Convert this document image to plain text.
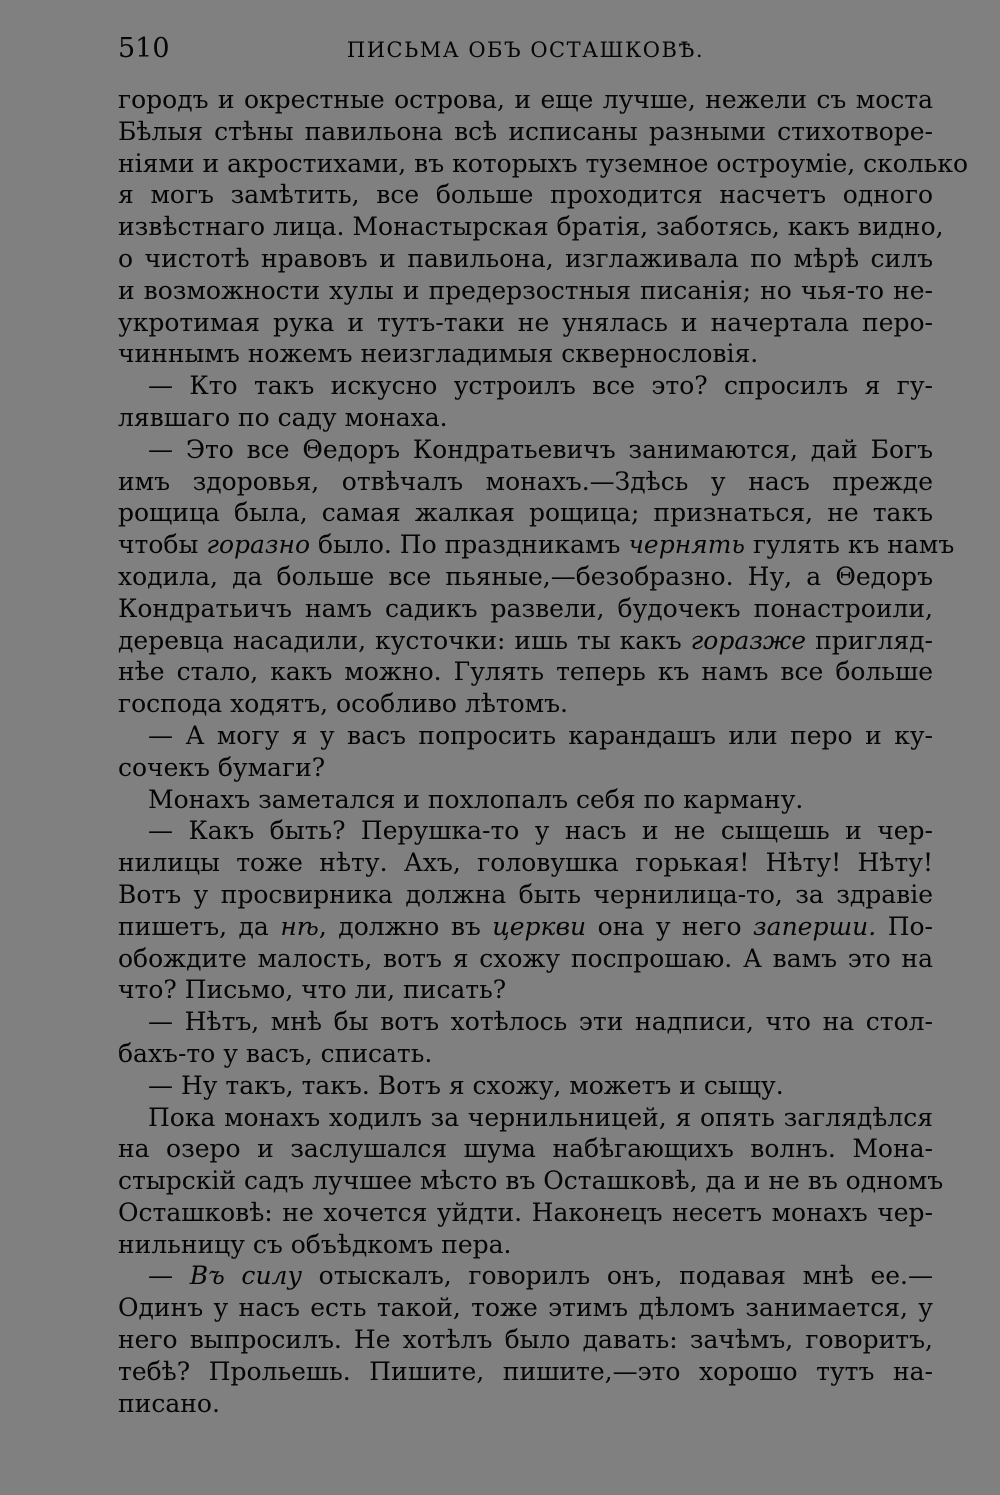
510	ПИСЬМА ОБЪ ОСТАШКОВѢ.
городъ и окрестные острова, и еще лучше, нежели съ моста
Бѣлыя стѣны павильона всѣ исписаны разными стихотворе-
ніями и акростихами, въ которыхъ туземное остроуміе, сколько
я могъ замѣтить, все больше проходится насчетъ одного
извѣстнаго лица. Монастырская братія, заботясь, какъ видно,
о чистотѣ нравовъ и павильона, изглаживала по мѣрѣ силъ
и возможности хулы и предерзостныя писанія; но чья-то не-
укротимая рука и тутъ-таки не унялась и начертала перо-
чиннымъ ножемъ неизгладимыя сквернословія.
— Кто такъ искусно устроилъ все это? спросилъ я гу-
лявшаго по саду монаха.
— Это все Θедоръ Кондратьевичъ занимаются, дай Богъ
имъ здоровья, отвѣчалъ монахъ.—Здѣсь у насъ прежде
рощица была, самая жалкая рощица; признаться, не такъ
чтобы горазно было. По праздникамъ чернять гулять къ намъ
ходила, да больше все пьяные,—безобразно. Ну, а Θедоръ
Кондратьичъ намъ садикъ развели, будочекъ понастроили,
деревца насадили, кусточки: ишь ты какъ горазже пригляд-
нѣе стало, какъ можно. Гулять теперь къ намъ все больше
господа ходятъ, особливо лѣтомъ.
— А могу я у васъ попросить карандашъ или перо и ку-
сочекъ бумаги?
Монахъ заметался и похлопалъ себя по карману.
— Какъ быть? Перушка-то у насъ и не сыщешь и чер-
нилицы тоже нѣту. Ахъ, головушка горькая! Нѣту! Нѣту!
Вотъ у просвирника должна быть чернилица-то, за здравіе
пишетъ, да нѣ, должно въ церкви она у него заперши. По-
обождите малость, вотъ я схожу поспрошаю. А вамъ это на
что? Письмо, что ли, писать?
— Нѣтъ, мнѣ бы вотъ хотѣлось эти надписи, что на стол-
бахъ-то у васъ, списать.
— Ну такъ, такъ. Вотъ я схожу, можетъ и сыщу.
Пока монахъ ходилъ за чернильницей, я опять заглядѣлся
на озеро и заслушался шума набѣгающихъ волнъ. Мона-
стырскій садъ лучшее мѣсто въ Осташковѣ, да и не въ одномъ
Осташковѣ: не хочется уйдти. Наконецъ несетъ монахъ чер-
нильницу съ объѣдкомъ пера.
— Въ силу отыскалъ, говорилъ онъ, подавая мнѣ ее.—
Одинъ у насъ есть такой, тоже этимъ дѣломъ занимается, у
него выпросилъ. Не хотѣлъ было давать: зачѣмъ, говоритъ,
тебѣ? Прольешь. Пишите, пишите,—это хорошо тутъ на-
писано.
